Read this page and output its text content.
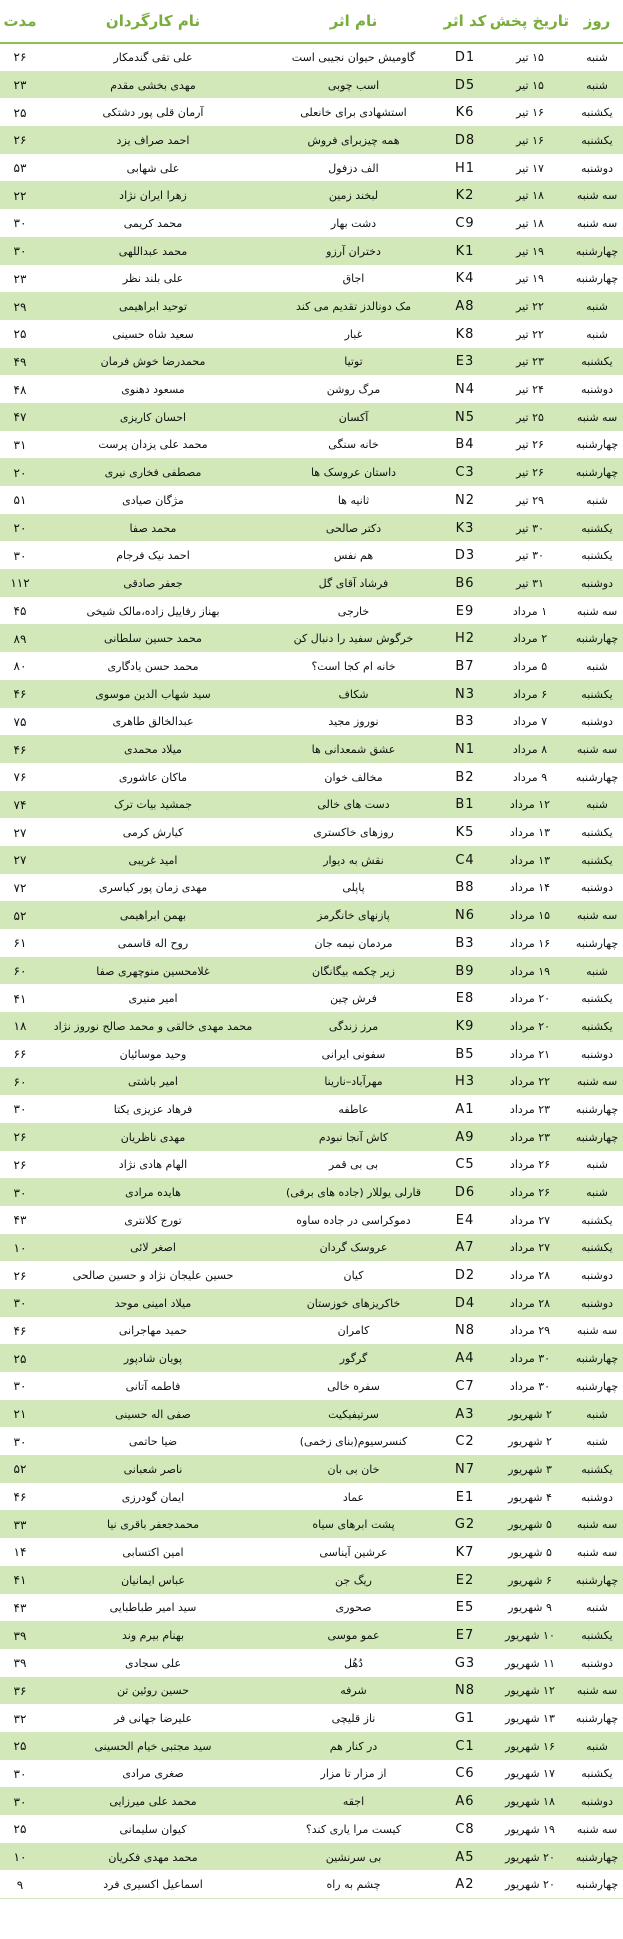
روز	تاریخ پخش	کد اثر	نام اثر	نام کارگردان	مدت
شنبه	۱۵ تیر	D1	گاومیش حیوان نجیبی است	علی تقی گندمکار	۲۶
شنبه	۱۵ تیر	D5	اسب چوبی	مهدی بخشی مقدم	۲۳
یکشنبه	۱۶ تیر	K6	استشهادی برای خانعلی	آرمان قلی پور دشتکی	۲۵
یکشنبه	۱۶ تیر	D8	همه چیزبرای فروش	احمد صراف یزد	۲۶
دوشنبه	۱۷ تیر	H1	الف دزفول	علی شهابی	۵۳
سه شنبه	۱۸ تیر	K2	لبخند زمین	زهرا ایران نژاد	۲۲
سه شنبه	۱۸ تیر	C9	دشت بهار	محمد کریمی	۳۰
چهارشنبه	۱۹ تیر	K1	دختران آرزو	محمد عبداللهی	۳۰
چهارشنبه	۱۹ تیر	K4	اجاق	علی بلند نظر	۲۳
شنبه	۲۲ تیر	A8	مک دونالدز تقدیم می کند	توحید ابراهیمی	۲۹
شنبه	۲۲ تیر	K8	غبار	سعید شاه حسینی	۲۵
یکشنبه	۲۳ تیر	E3	توتیا	محمدرضا خوش فرمان	۴۹
دوشنبه	۲۴ تیر	N4	مرگ روشن	مسعود دهنوی	۴۸
سه شنبه	۲۵ تیر	N5	آکسان	احسان کاریزی	۴۷
چهارشنبه	۲۶ تیر	B4	خانه سنگی	محمد علی یزدان پرست	۳۱
چهارشنبه	۲۶ تیر	C3	داستان عروسک ها	مصطفی فخاری نیری	۲۰
شنبه	۲۹ تیر	N2	ثانیه ها	مژگان صیادی	۵۱
یکشنبه	۳۰ تیر	K3	دکتر صالحی	محمد صفا	۲۰
یکشنبه	۳۰ تیر	D3	هم نفس	احمد نیک فرجام	۳۰
دوشنبه	۳۱ تیر	B6	فرشاد آقای گل	جعفر صادقی	۱۱۲
سه شنبه	۱ مرداد	E9	خارجی	بهناز رفاییل زاده،مالک شیخی	۴۵
چهارشنبه	۲ مرداد	H2	خرگوش سفید را دنبال کن	محمد حسین سلطانی	۸۹
شنبه	۵ مرداد	B7	خانه ام کجا است؟	محمد حسن یادگاری	۸۰
یکشنبه	۶ مرداد	N3	شکاف	سید شهاب الدین موسوی	۴۶
دوشنبه	۷ مرداد	B3	نوروز مجید	عبدالخالق طاهری	۷۵
سه شنبه	۸ مرداد	N1	عشق شمعدانی ها	میلاد محمدی	۴۶
چهارشنبه	۹ مرداد	B2	مخالف خوان	ماکان عاشوری	۷۶
شنبه	۱۲ مرداد	B1	دست های خالی	جمشید بیات ترک	۷۴
یکشنبه	۱۳ مرداد	K5	روزهای خاکستری	کیارش کرمی	۲۷
یکشنبه	۱۳ مرداد	C4	نقش به دیوار	امید غریبی	۲۷
دوشنبه	۱۴ مرداد	B8	پاپلی	مهدی زمان پور کیاسری	۷۲
سه شنبه	۱۵ مرداد	N6	پازنهای خانگرمز	بهمن ابراهیمی	۵۲
چهارشنبه	۱۶ مرداد	B3	مردمان نیمه جان	روح اله قاسمی	۶۱
شنبه	۱۹ مرداد	B9	زیر چکمه بیگانگان	غلامحسین منوچهری صفا	۶۰
یکشنبه	۲۰ مرداد	E8	فرش چین	امیر منیری	۴۱
یکشنبه	۲۰ مرداد	K9	مرز زندگی	محمد مهدی خالقی و محمد صالح نوروز نژاد	۱۸
دوشنبه	۲۱ مرداد	B5	سفونی ایرانی	وحید موسائیان	۶۶
سه شنبه	۲۲ مرداد	H3	مهرآباد–نارینا	امیر باشتی	۶۰
چهارشنبه	۲۳ مرداد	A1	عاطفه	فرهاد عزیزی یکتا	۳۰
چهارشنبه	۲۳ مرداد	A9	کاش آنجا نبودم	مهدی ناظریان	۲۶
شنبه	۲۶ مرداد	C5	بی بی قمر	الهام هادی نژاد	۲۶
شنبه	۲۶ مرداد	D6	قارلی یوللار (جاده های برفی)	هایده مرادی	۳۰
یکشنبه	۲۷ مرداد	E4	دموکراسی در جاده ساوه	تورج کلانتری	۴۳
یکشنبه	۲۷ مرداد	A7	عروسک گردان	اصغر لائی	۱۰
دوشنبه	۲۸ مرداد	D2	کیان	حسین علیجان نژاد و حسین صالحی	۲۶
دوشنبه	۲۸ مرداد	D4	خاکریزهای خوزستان	میلاد امینی موحد	۳۰
سه شنبه	۲۹ مرداد	N8	کامران	حمید مهاجرانی	۴۶
چهارشنبه	۳۰ مرداد	A4	گرگور	پویان شادپور	۲۵
چهارشنبه	۳۰ مرداد	C7	سفره خالی	فاطمه آتانی	۳۰
شنبه	۲ شهریور	A3	سرتیفیکیت	صفی اله حسینی	۲۱
شنبه	۲ شهریور	C2	کنسرسیوم(بنای زخمی)	ضیا حاتمی	۳۰
یکشنبه	۳ شهریور	N7	خان بی بان	ناصر شعبانی	۵۲
دوشنبه	۴ شهریور	E1	عماد	ایمان گودرزی	۴۶
سه شنبه	۵ شهریور	G2	پشت ابرهای سیاه	محمدجعفر باقری نیا	۳۳
سه شنبه	۵ شهریور	K7	عرشین آیناسی	امین اکتسابی	۱۴
چهارشنبه	۶ شهریور	E2	ریگ جن	عباس ایمانیان	۴۱
شنبه	۹ شهریور	E5	صحوری	سید امیر طباطبایی	۴۳
یکشنبه	۱۰ شهریور	E7	عمو موسی	بهنام بیرم وند	۳۹
دوشنبه	۱۱ شهریور	G3	دُهُل	علی سجادی	۳۹
سه شنبه	۱۲ شهریور	N8	شرفه	حسین روئین تن	۳۶
چهارشنبه	۱۳ شهریور	G1	ناز قلیچی	علیرضا جهانی فر	۳۲
شنبه	۱۶ شهریور	C1	در کنار هم	سید مجتبی خیام الحسینی	۲۵
یکشنبه	۱۷ شهریور	C6	از مزار تا مزار	صغری مرادی	۳۰
دوشنبه	۱۸ شهریور	A6	اجقه	محمد علی میرزایی	۳۰
سه شنبه	۱۹ شهریور	C8	کیست مرا یاری کند؟	کیوان سلیمانی	۲۵
چهارشنبه	۲۰ شهریور	A5	بی سرنشین	محمد مهدی فکریان	۱۰
چهارشنبه	۲۰ شهریور	A2	چشم به راه	اسماعیل اکسیری فرد	۹
